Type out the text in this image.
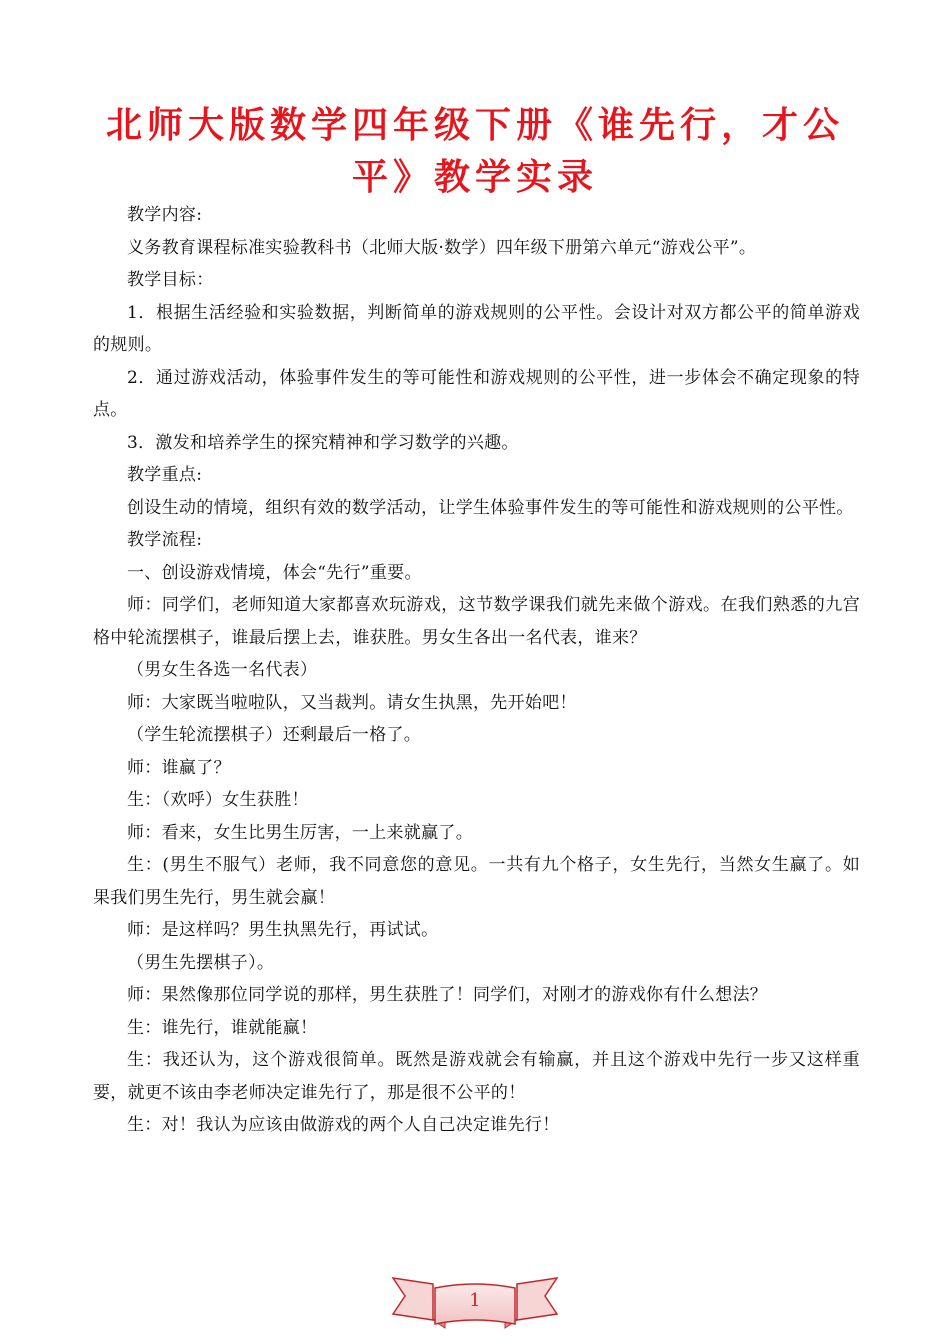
北师大版数学四年级下册《谁先行，才公平》教学实录

教学内容:

义务教育课程标准实验教科书（北师大版·数学）四年级下册第六单元“游戏公平”。

教学目标：

1．根据生活经验和实验数据，判断简单的游戏规则的公平性。会设计对双方都公平的简单游戏的规则。

2．通过游戏活动，体验事件发生的等可能性和游戏规则的公平性，进一步体会不确定现象的特点。

3．激发和培养学生的探究精神和学习数学的兴趣。

教学重点:

创设生动的情境，组织有效的数学活动，让学生体验事件发生的等可能性和游戏规则的公平性。

教学流程:

一、创设游戏情境，体会“先行”重要。

师：同学们，老师知道大家都喜欢玩游戏，这节数学课我们就先来做个游戏。在我们熟悉的九宫格中轮流摆棋子，谁最后摆上去，谁获胜。男女生各出一名代表，谁来？

（男女生各选一名代表）

师：大家既当啦啦队，又当裁判。请女生执黑，先开始吧！

（学生轮流摆棋子）还剩最后一格了。

师：谁赢了？

生：（欢呼）女生获胜！

师：看来，女生比男生厉害，一上来就赢了。

生：(男生不服气）老师，我不同意您的意见。一共有九个格子，女生先行，当然女生赢了。如果我们男生先行，男生就会赢！

师：是这样吗？男生执黑先行，再试试。

（男生先摆棋子）。

师：果然像那位同学说的那样，男生获胜了！同学们，对刚才的游戏你有什么想法？

生：谁先行，谁就能赢！

生：我还认为，这个游戏很简单。既然是游戏就会有输赢，并且这个游戏中先行一步又这样重要，就更不该由李老师决定谁先行了，那是很不公平的！

生：对！我认为应该由做游戏的两个人自己决定谁先行！

1
